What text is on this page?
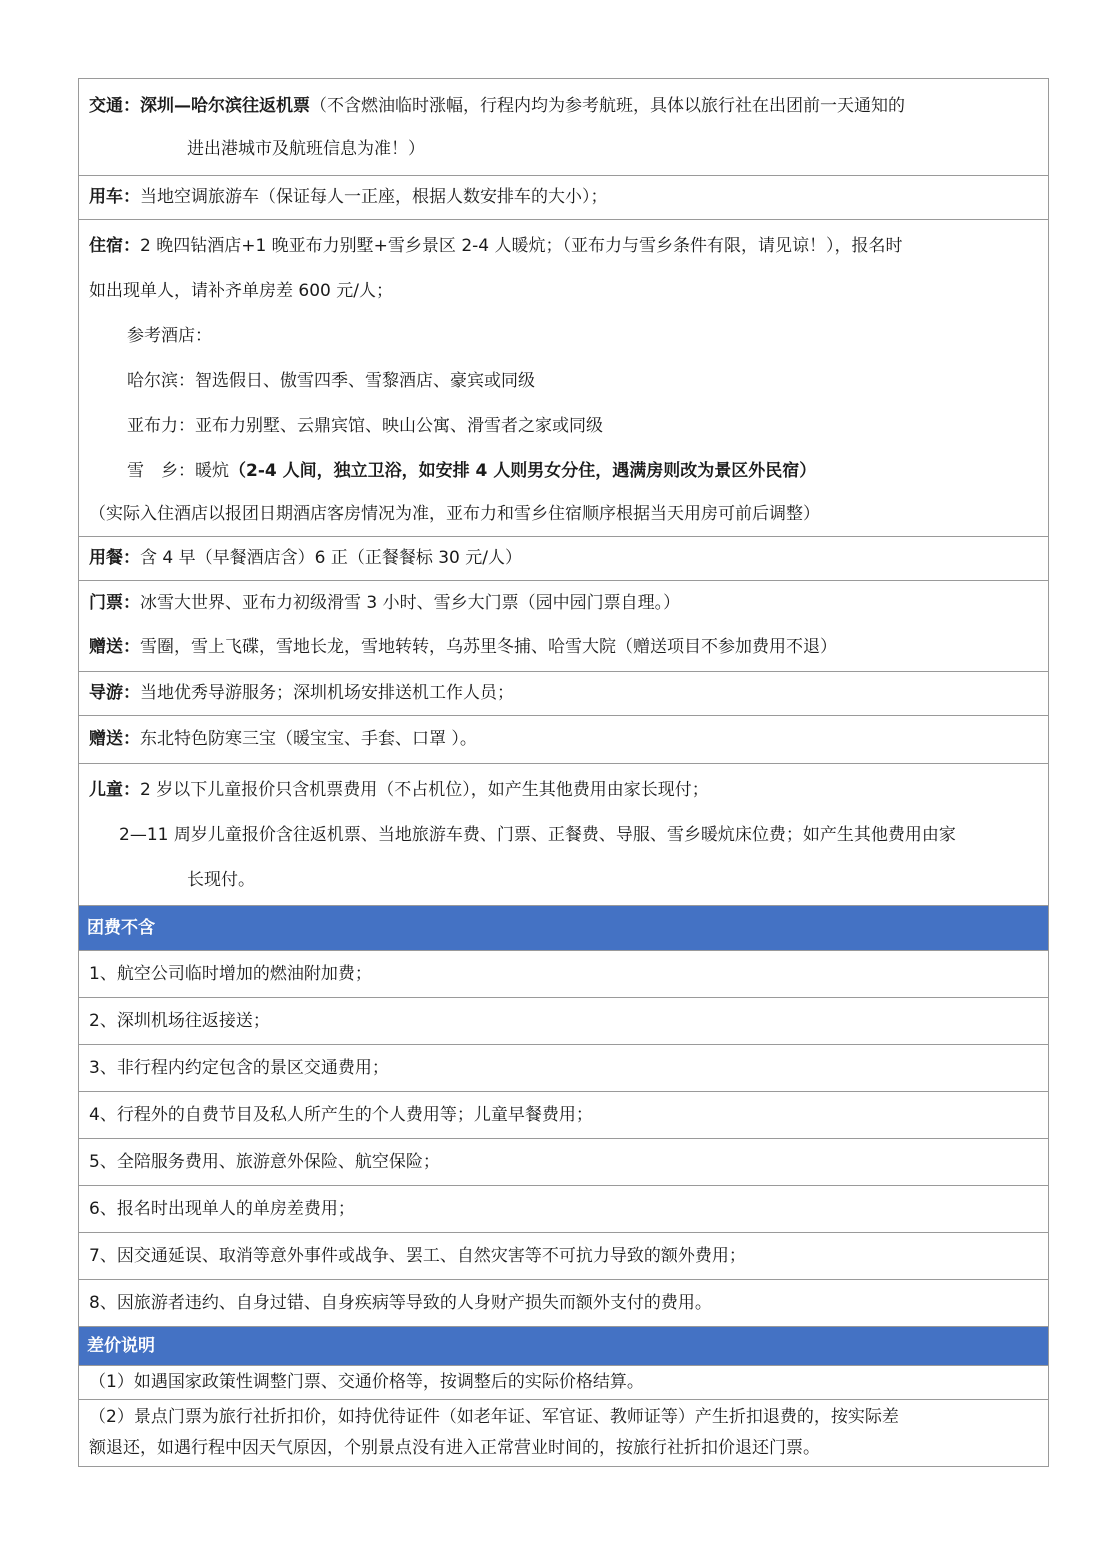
交通：深圳—哈尔滨往返机票（不含燃油临时涨幅，行程内均为参考航班，具体以旅行社在出团前一天通知的
进出港城市及航班信息为准！）
用车：当地空调旅游车（保证每人一正座，根据人数安排车的大小）；
住宿：2 晚四钻酒店+1 晚亚布力别墅+雪乡景区 2-4 人暖炕；（亚布力与雪乡条件有限，请见谅！），报名时
如出现单人，请补齐单房差 600 元/人；
参考酒店：
哈尔滨：智选假日、傲雪四季、雪黎酒店、豪宾或同级
亚布力：亚布力别墅、云鼎宾馆、映山公寓、滑雪者之家或同级
雪　乡：暖炕（2-4 人间，独立卫浴，如安排 4 人则男女分住，遇满房则改为景区外民宿）
（实际入住酒店以报团日期酒店客房情况为准，亚布力和雪乡住宿顺序根据当天用房可前后调整）
用餐：含 4 早（早餐酒店含）6 正（正餐餐标 30 元/人）
门票：冰雪大世界、亚布力初级滑雪 3 小时、雪乡大门票（园中园门票自理。）
赠送：雪圈，雪上飞碟，雪地长龙，雪地转转，乌苏里冬捕、哈雪大院（赠送项目不参加费用不退）
导游：当地优秀导游服务；深圳机场安排送机工作人员；
赠送：东北特色防寒三宝（暖宝宝、手套、口罩 ）。
儿童：2 岁以下儿童报价只含机票费用（不占机位），如产生其他费用由家长现付；
2—11 周岁儿童报价含往返机票、当地旅游车费、门票、正餐费、导服、雪乡暖炕床位费；如产生其他费用由家
长现付。
团费不含
1、航空公司临时增加的燃油附加费；
2、深圳机场往返接送；
3、非行程内约定包含的景区交通费用；
4、行程外的自费节目及私人所产生的个人费用等；儿童早餐费用；
5、全陪服务费用、旅游意外保险、航空保险；
6、报名时出现单人的单房差费用；
7、因交通延误、取消等意外事件或战争、罢工、自然灾害等不可抗力导致的额外费用；
8、因旅游者违约、自身过错、自身疾病等导致的人身财产损失而额外支付的费用。
差价说明
（1）如遇国家政策性调整门票、交通价格等，按调整后的实际价格结算。
（2）景点门票为旅行社折扣价，如持优待证件（如老年证、军官证、教师证等）产生折扣退费的，按实际差
额退还，如遇行程中因天气原因，个别景点没有进入正常营业时间的，按旅行社折扣价退还门票。
